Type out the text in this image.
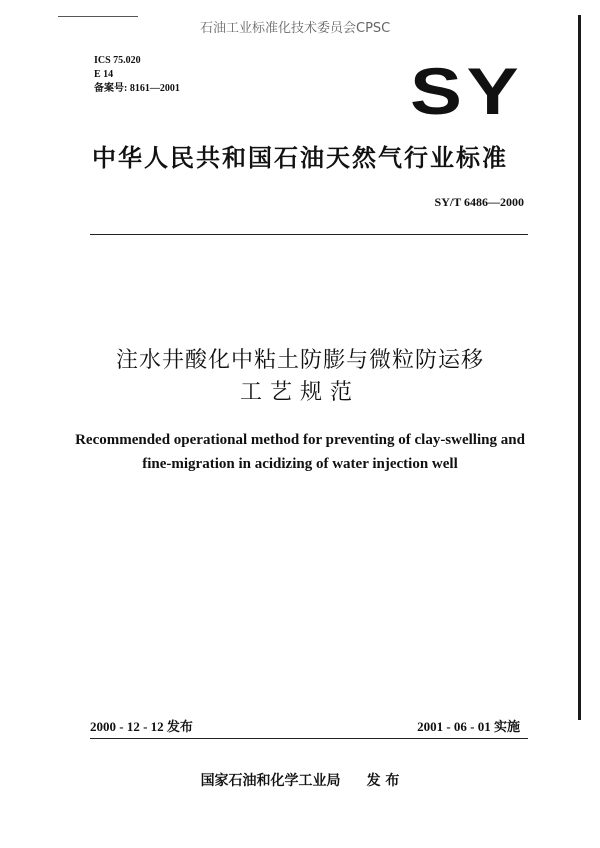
石油工业标准化技术委员会CPSC
ICS 75.020
E 14
备案号: 8161—2001	SY
中华人民共和国石油天然气行业标准
SY/T 6486—2000
注水井酸化中粘土防膨与微粒防运移
工艺规范
Recommended operational method for preventing of clay-swelling and
fine-migration in acidizing of water injection well
2000 - 12 - 12 发布	2001 - 06 - 01 实施
国家石油和化学工业局 发 布
